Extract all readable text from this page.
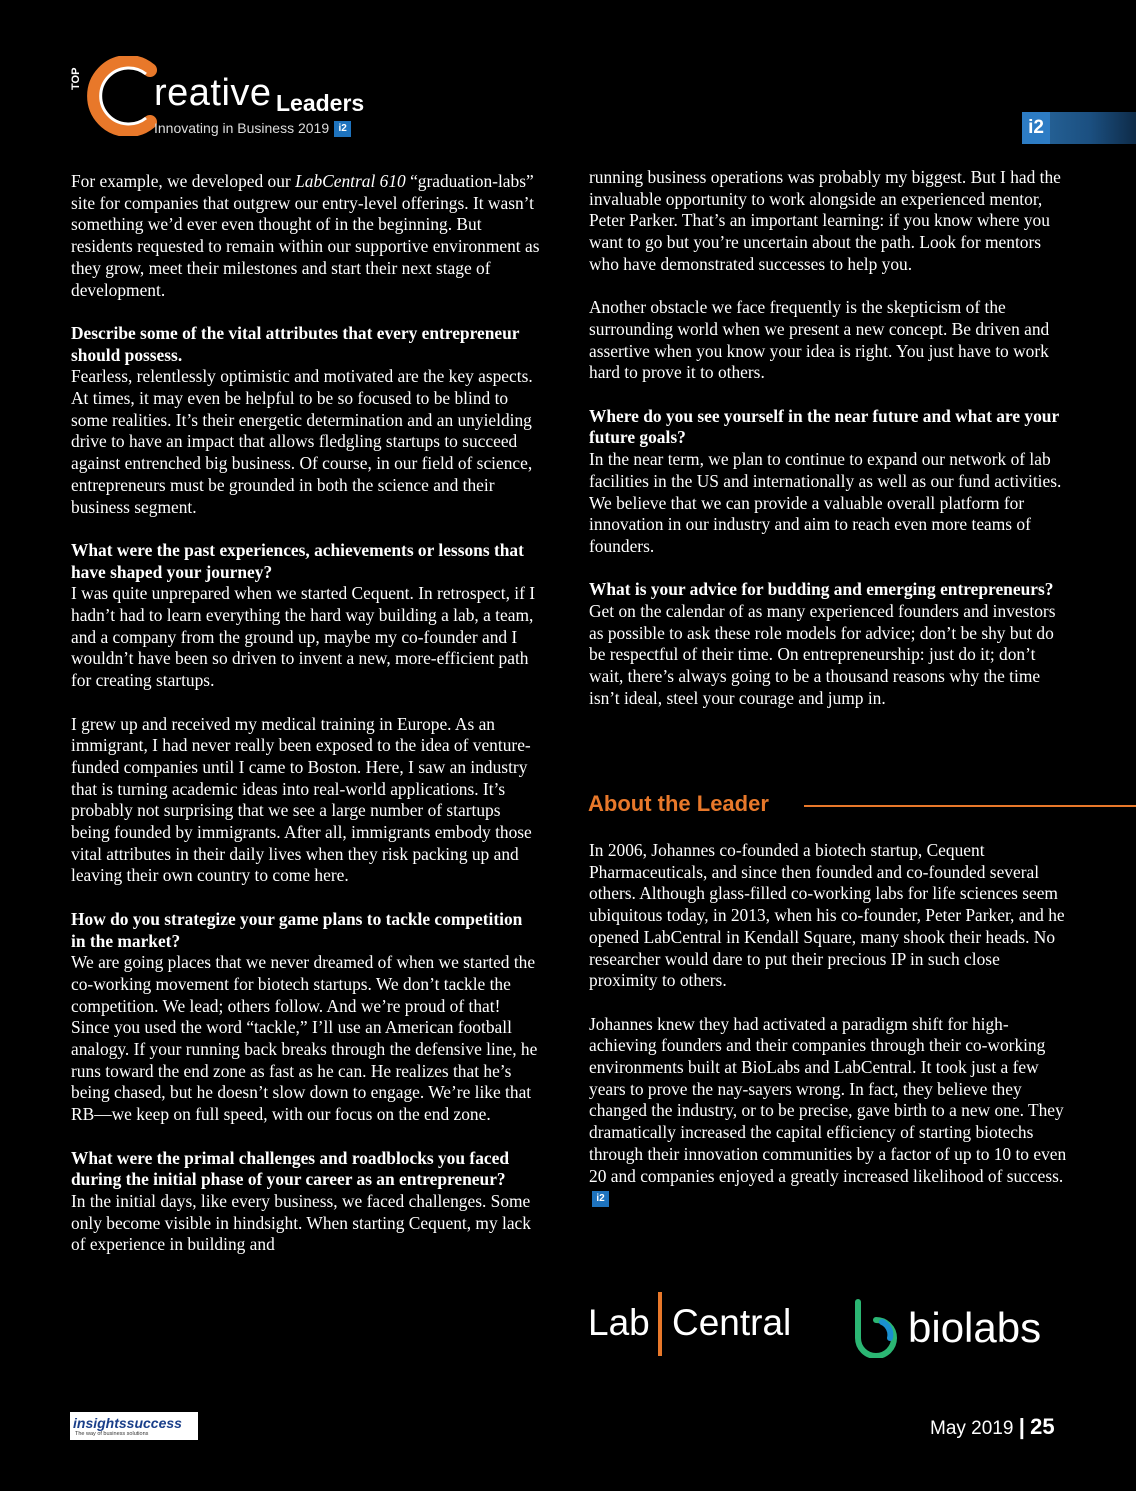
TOP reative Leaders
Innovating in Business 2019 i2	i2

For example, we developed our LabCentral 610 “graduation-labs” site for companies that outgrew our entry-level offerings. It wasn’t something we’d ever even thought of in the beginning. But residents requested to remain within our supportive environment as they grow, meet their milestones and start their next stage of development.

Describe some of the vital attributes that every entrepreneur should possess.
Fearless, relentlessly optimistic and motivated are the key aspects. At times, it may even be helpful to be so focused to be blind to some realities. It’s their energetic determination and an unyielding drive to have an impact that allows fledgling startups to succeed against entrenched big business. Of course, in our field of science, entrepreneurs must be grounded in both the science and their business segment.

What were the past experiences, achievements or lessons that have shaped your journey?
I was quite unprepared when we started Cequent. In retrospect, if I hadn’t had to learn everything the hard way building a lab, a team, and a company from the ground up, maybe my co-founder and I wouldn’t have been so driven to invent a new, more-efficient path for creating startups.

I grew up and received my medical training in Europe. As an immigrant, I had never really been exposed to the idea of venture-funded companies until I came to Boston. Here, I saw an industry that is turning academic ideas into real-world applications. It’s probably not surprising that we see a large number of startups being founded by immigrants. After all, immigrants embody those vital attributes in their daily lives when they risk packing up and leaving their own country to come here.

How do you strategize your game plans to tackle competition in the market?
We are going places that we never dreamed of when we started the co-working movement for biotech startups. We don’t tackle the competition. We lead; others follow. And we’re proud of that! Since you used the word “tackle,” I’ll use an American football analogy. If your running back breaks through the defensive line, he runs toward the end zone as fast as he can. He realizes that he’s being chased, but he doesn’t slow down to engage. We’re like that RB—we keep on full speed, with our focus on the end zone.

What were the primal challenges and roadblocks you faced during the initial phase of your career as an entrepreneur?
In the initial days, like every business, we faced challenges. Some only become visible in hindsight. When starting Cequent, my lack of experience in building and

running business operations was probably my biggest. But I had the invaluable opportunity to work alongside an experienced mentor, Peter Parker. That’s an important learning: if you know where you want to go but you’re uncertain about the path. Look for mentors who have demonstrated successes to help you.

Another obstacle we face frequently is the skepticism of the surrounding world when we present a new concept. Be driven and assertive when you know your idea is right. You just have to work hard to prove it to others.

Where do you see yourself in the near future and what are your future goals?
In the near term, we plan to continue to expand our network of lab facilities in the US and internationally as well as our fund activities. We believe that we can provide a valuable overall platform for innovation in our industry and aim to reach even more teams of founders.

What is your advice for budding and emerging entrepreneurs?
Get on the calendar of as many experienced founders and investors as possible to ask these role models for advice; don’t be shy but do be respectful of their time. On entrepreneurship: just do it; don’t wait, there’s always going to be a thousand reasons why the time isn’t ideal, steel your courage and jump in.

About the Leader

In 2006, Johannes co-founded a biotech startup, Cequent Pharmaceuticals, and since then founded and co-founded several others. Although glass-filled co-working labs for life sciences seem ubiquitous today, in 2013, when his co-founder, Peter Parker, and he opened LabCentral in Kendall Square, many shook their heads. No researcher would dare to put their precious IP in such close proximity to others.

Johannes knew they had activated a paradigm shift for high-achieving founders and their companies through their co-working environments built at BioLabs and LabCentral. It took just a few years to prove the nay-sayers wrong. In fact, they believe they changed the industry, or to be precise, gave birth to a new one. They dramatically increased the capital efficiency of starting biotechs through their innovation communities by a factor of up to 10 to even 20 and companies enjoyed a greatly increased likelihood of success.i2

Lab Central	biolabs
insightssuccess
The way of business solutions	May 2019 | 25
